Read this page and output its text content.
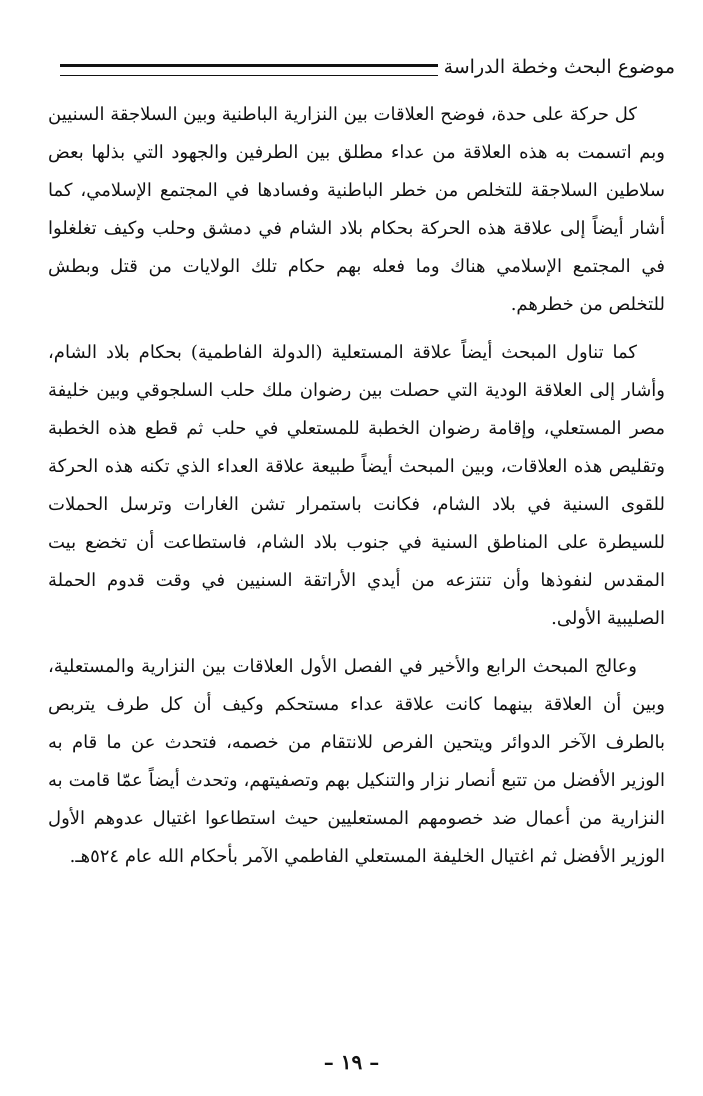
موضوع البحث وخطة الدراسة

كل حركة على حدة، فوضح العلاقات بين النزارية الباطنية وبين السلاجقة السنيين وبم اتسمت به هذه العلاقة من عداء مطلق بين الطرفين والجهود التي بذلها بعض سلاطين السلاجقة للتخلص من خطر الباطنية وفسادها في المجتمع الإسلامي، كما أشار أيضاً إلى علاقة هذه الحركة بحكام بلاد الشام في دمشق وحلب وكيف تغلغلوا في المجتمع الإسلامي هناك وما فعله بهم حكام تلك الولايات من قتل وبطش للتخلص من خطرهم.

كما تناول المبحث أيضاً علاقة المستعلية (الدولة الفاطمية) بحكام بلاد الشام، وأشار إلى العلاقة الودية التي حصلت بين رضوان ملك حلب السلجوقي وبين خليفة مصر المستعلي، وإقامة رضوان الخطبة للمستعلي في حلب ثم قطع هذه الخطبة وتقليص هذه العلاقات، وبين المبحث أيضاً طبيعة علاقة العداء الذي تكنه هذه الحركة للقوى السنية في بلاد الشام، فكانت باستمرار تشن الغارات وترسل الحملات للسيطرة على المناطق السنية في جنوب بلاد الشام، فاستطاعت أن تخضع بيت المقدس لنفوذها وأن تنتزعه من أيدي الأراتقة السنيين في وقت قدوم الحملة الصليبية الأولى.

وعالج المبحث الرابع والأخير في الفصل الأول العلاقات بين النزارية والمستعلية، وبين أن العلاقة بينهما كانت علاقة عداء مستحكم وكيف أن كل طرف يتربص بالطرف الآخر الدوائر ويتحين الفرص للانتقام من خصمه، فتحدث عن ما قام به الوزير الأفضل من تتبع أنصار نزار والتنكيل بهم وتصفيتهم، وتحدث أيضاً عمّا قامت به النزارية من أعمال ضد خصومهم المستعليين حيث استطاعوا اغتيال عدوهم الأول الوزير الأفضل ثم اغتيال الخليفة المستعلي الفاطمي الآمر بأحكام الله عام ٥٢٤هـ.

– ١٩ –
